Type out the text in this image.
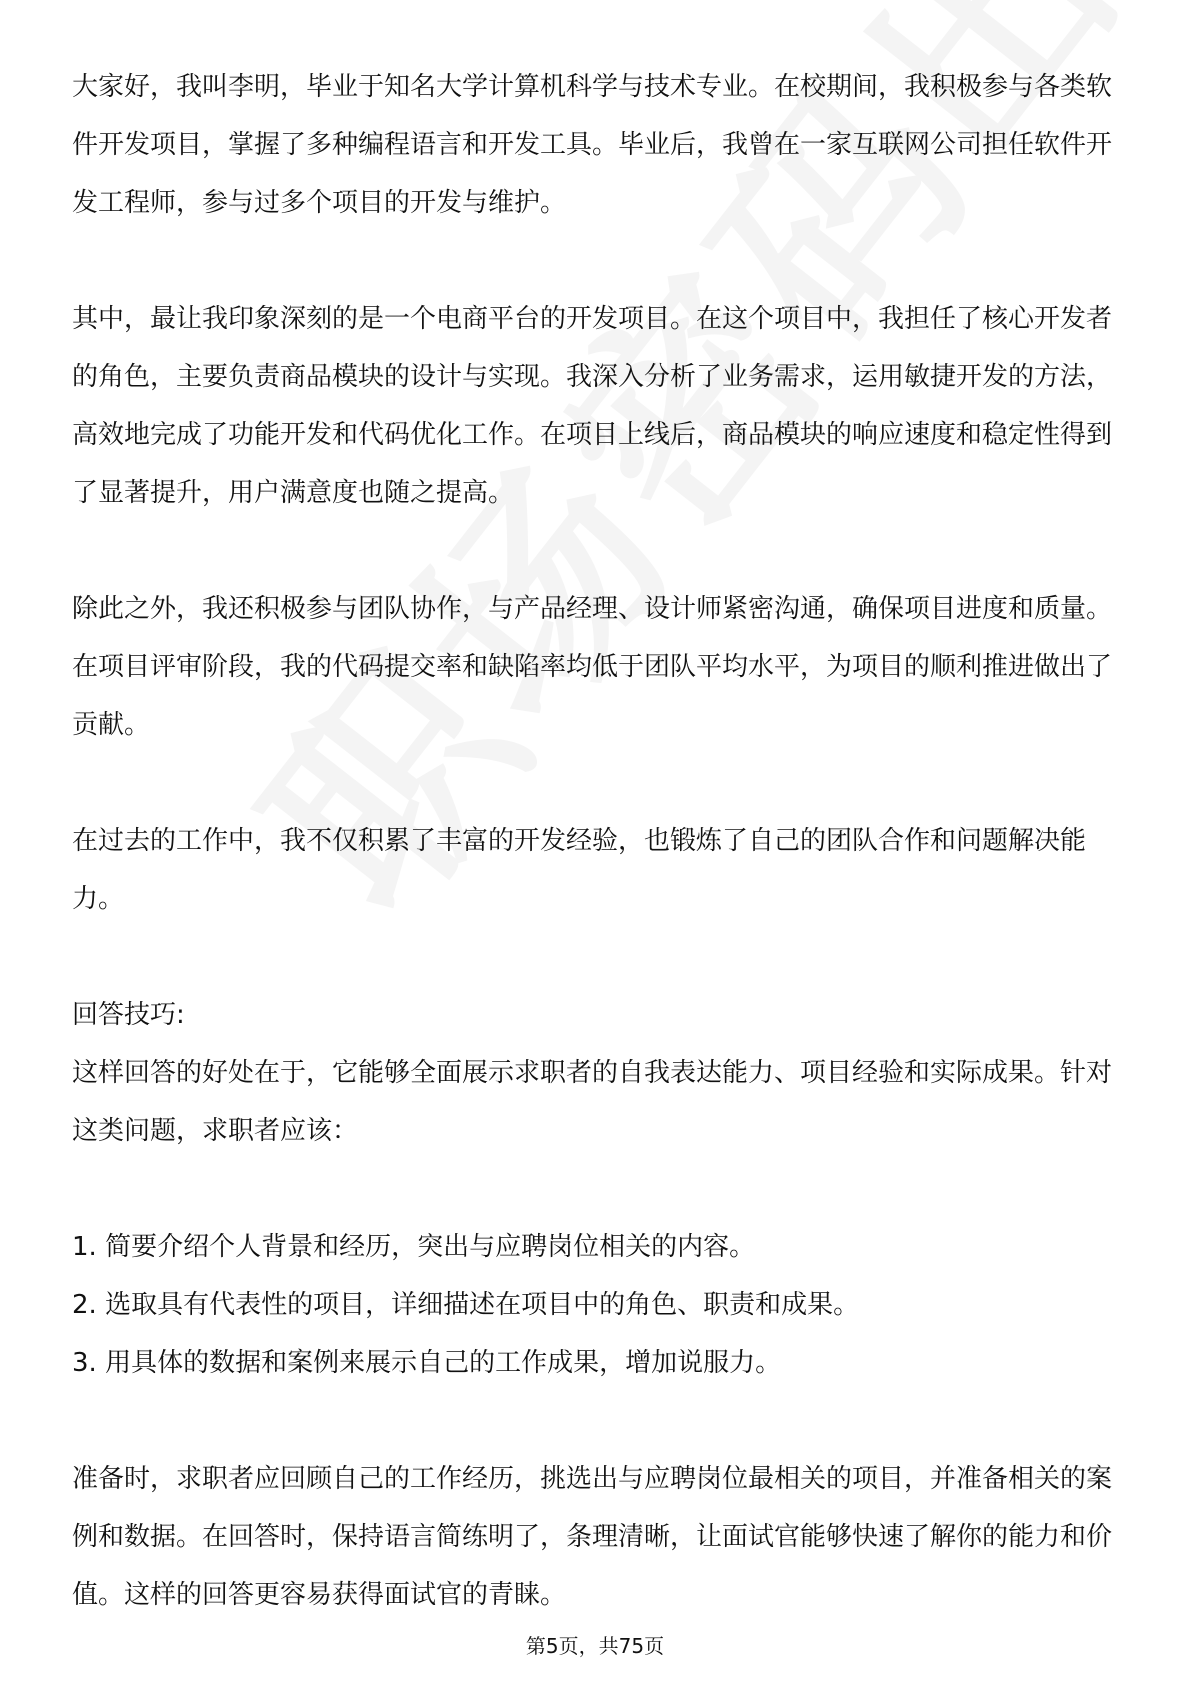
大家好，我叫李明，毕业于知名大学计算机科学与技术专业。在校期间，我积极参与各类软件开发项目，掌握了多种编程语言和开发工具。毕业后，我曾在一家互联网公司担任软件开发工程师，参与过多个项目的开发与维护。

其中，最让我印象深刻的是一个电商平台的开发项目。在这个项目中，我担任了核心开发者的角色，主要负责商品模块的设计与实现。我深入分析了业务需求，运用敏捷开发的方法，高效地完成了功能开发和代码优化工作。在项目上线后，商品模块的响应速度和稳定性得到了显著提升，用户满意度也随之提高。

除此之外，我还积极参与团队协作，与产品经理、设计师紧密沟通，确保项目进度和质量。在项目评审阶段，我的代码提交率和缺陷率均低于团队平均水平，为项目的顺利推进做出了贡献。

在过去的工作中，我不仅积累了丰富的开发经验，也锻炼了自己的团队合作和问题解决能力。

回答技巧:

这样回答的好处在于，它能够全面展示求职者的自我表达能力、项目经验和实际成果。针对这类问题，求职者应该：

1. 简要介绍个人背景和经历，突出与应聘岗位相关的内容。

2. 选取具有代表性的项目，详细描述在项目中的角色、职责和成果。

3. 用具体的数据和案例来展示自己的工作成果，增加说服力。

准备时，求职者应回顾自己的工作经历，挑选出与应聘岗位最相关的项目，并准备相关的案例和数据。在回答时，保持语言简练明了，条理清晰，让面试官能够快速了解你的能力和价值。这样的回答更容易获得面试官的青睐。

第5页，共75页
